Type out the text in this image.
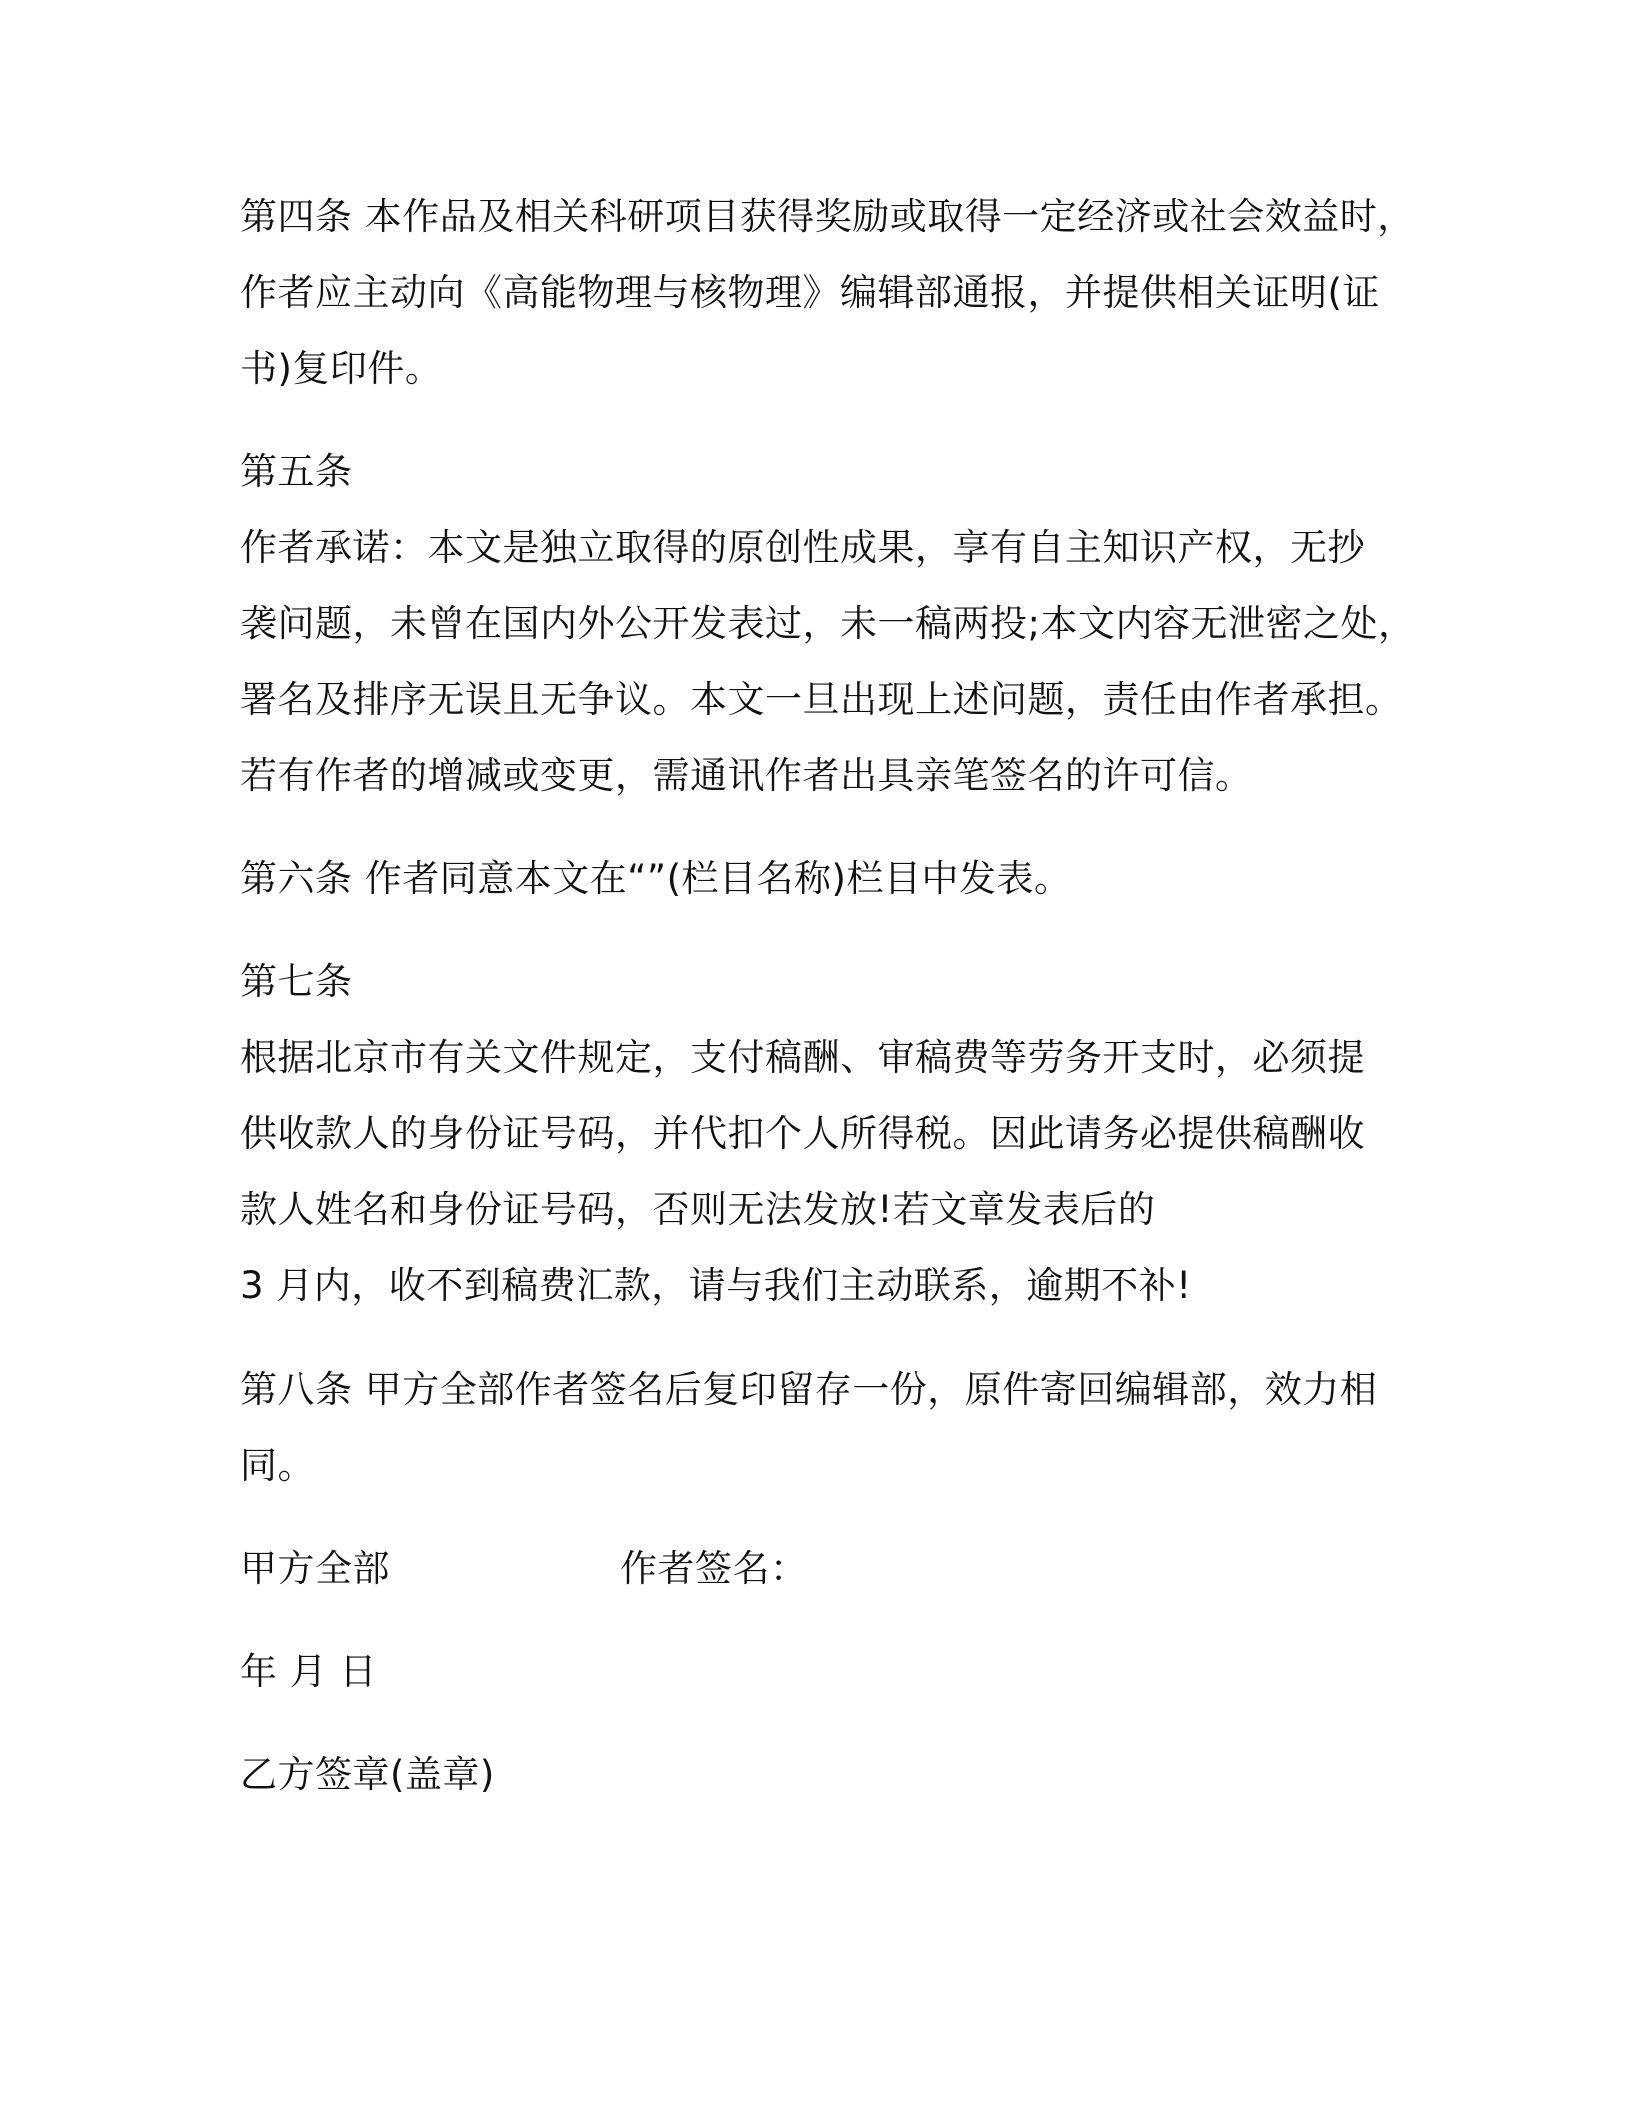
第四条 本作品及相关科研项目获得奖励或取得一定经济或社会效益时，
作者应主动向《高能物理与核物理》编辑部通报，并提供相关证明(证
书)复印件。
第五条
作者承诺：本文是独立取得的原创性成果，享有自主知识产权，无抄
袭问题，未曾在国内外公开发表过，未一稿两投;本文内容无泄密之处，
署名及排序无误且无争议。本文一旦出现上述问题，责任由作者承担。
若有作者的增减或变更，需通讯作者出具亲笔签名的许可信。
第六条 作者同意本文在“”(栏目名称)栏目中发表。
第七条
根据北京市有关文件规定，支付稿酬、审稿费等劳务开支时，必须提
供收款人的身份证号码，并代扣个人所得税。因此请务必提供稿酬收
款人姓名和身份证号码，否则无法发放!若文章发表后的
3 月内，收不到稿费汇款，请与我们主动联系，逾期不补!
第八条 甲方全部作者签名后复印留存一份，原件寄回编辑部，效力相
同。
甲方全部	作者签名：
年 月 日
乙方签章(盖章)
